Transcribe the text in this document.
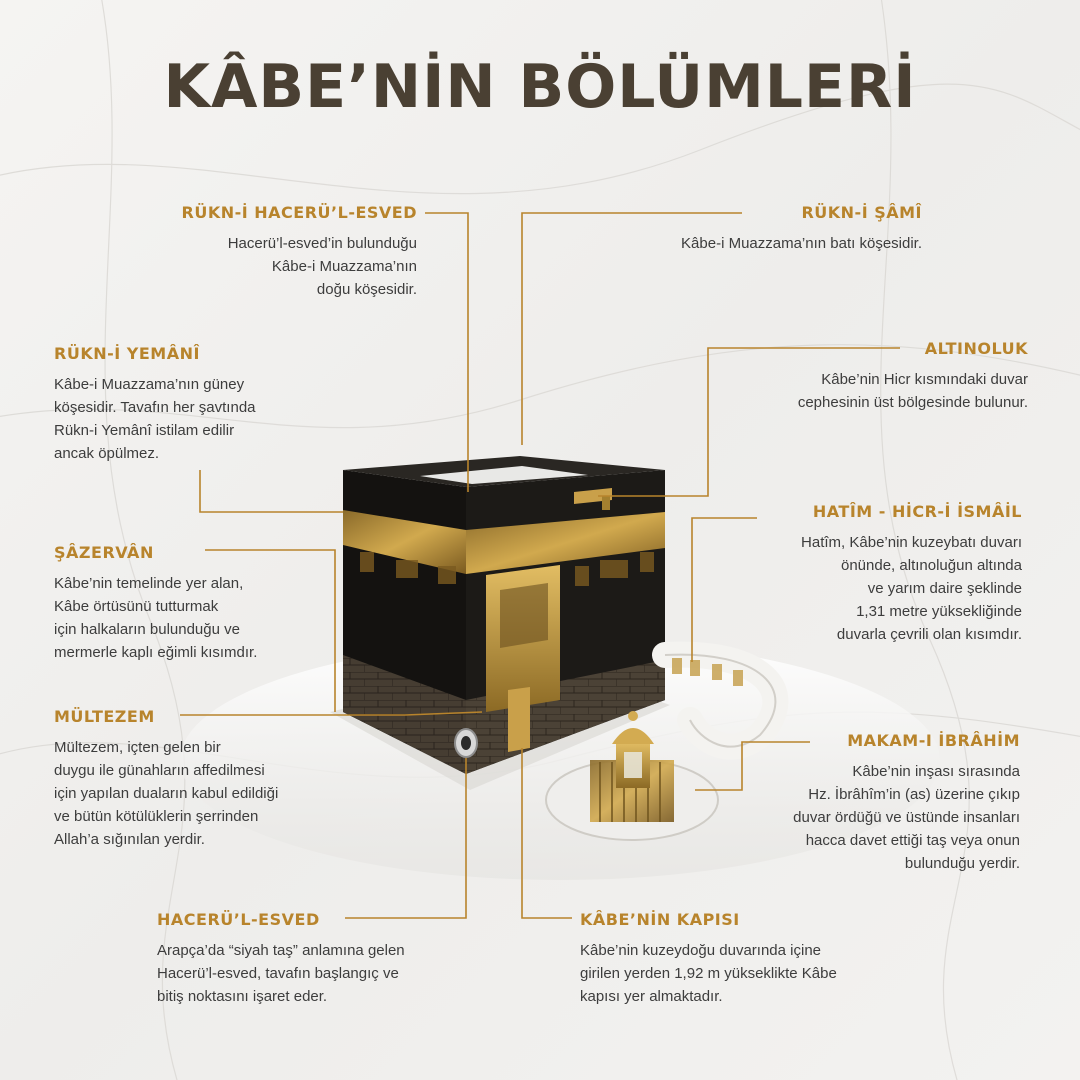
KÂBE’NİN BÖLÜMLERİ
RÜKN-İ HACERÜ’L-ESVED

Hacerü’l-esved’in bulunduğu
Kâbe-i Muazzama’nın
doğu köşesidir.

RÜKN-İ ŞÂMÎ

Kâbe-i Muazzama’nın batı köşesidir.

RÜKN-İ YEMÂNÎ

Kâbe-i Muazzama’nın güney
köşesidir. Tavafın her şavtında
Rükn-i Yemânî istilam edilir
ancak öpülmez.

ALTINOLUK

Kâbe’nin Hicr kısmındaki duvar
cephesinin üst bölgesinde bulunur.

ŞÂZERVÂN

Kâbe’nin temelinde yer alan,
Kâbe örtüsünü tutturmak
için halkaların bulunduğu ve
mermerle kaplı eğimli kısımdır.

HATÎM - HİCR-İ İSMÂİL

Hatîm, Kâbe’nin kuzeybatı duvarı
önünde, altınoluğun altında
ve yarım daire şeklinde
1,31 metre yüksekliğinde
duvarla çevrili olan kısımdır.

MÜLTEZEM

Mültezem, içten gelen bir
duygu ile günahların affedilmesi
için yapılan duaların kabul edildiği
ve bütün kötülüklerin şerrinden
Allah’a sığınılan yerdir.

MAKAM-I İBRÂHİM

Kâbe’nin inşası sırasında
Hz. İbrâhîm’in (as) üzerine çıkıp
duvar ördüğü ve üstünde insanları
hacca davet ettiği taş veya onun
bulunduğu yerdir.

HACERÜ’L-ESVED

Arapça’da “siyah taş” anlamına gelen
Hacerü’l-esved, tavafın başlangıç ve
bitiş noktasını işaret eder.

KÂBE’NİN KAPISI

Kâbe’nin kuzeydoğu duvarında içine
girilen yerden 1,92 m yükseklikte Kâbe
kapısı yer almaktadır.
